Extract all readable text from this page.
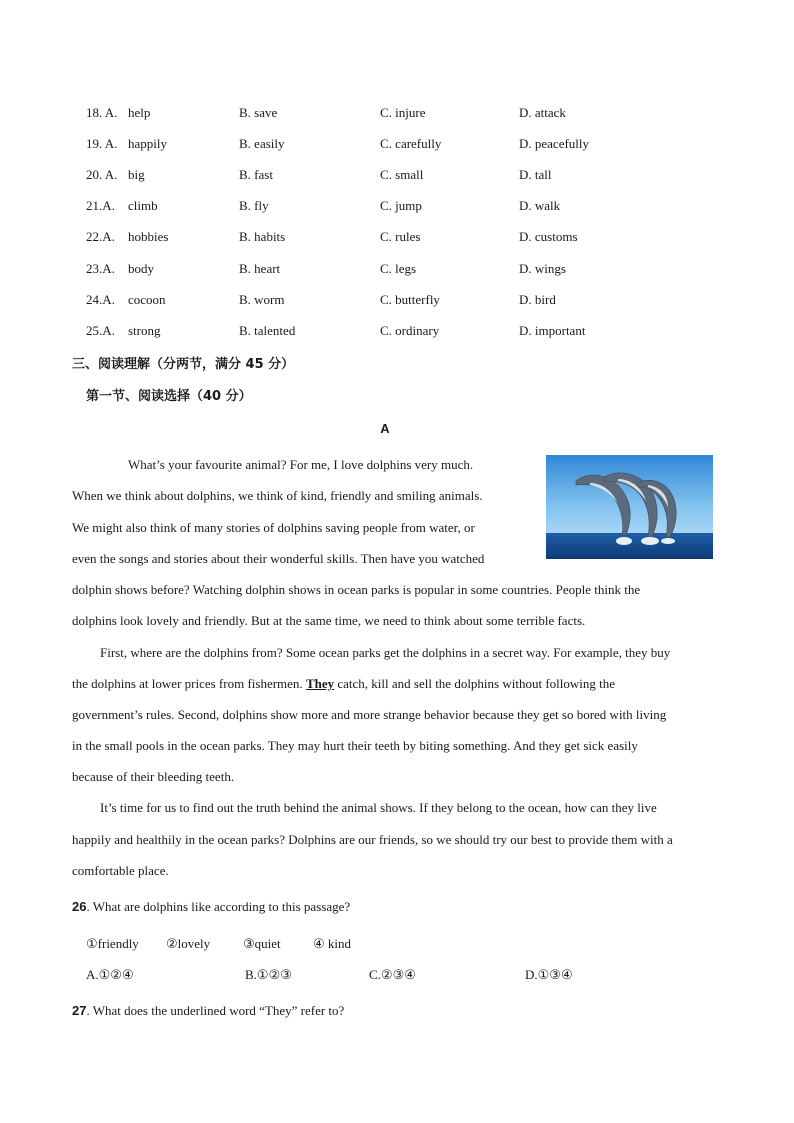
18. A. help	B. save	C. injure	D. attack
19. A. happily	B. easily	C. carefully	D. peacefully
20. A. big	B. fast	C. small	D. tall
21.A. climb	B. fly	C. jump	D. walk
22.A. hobbies	B. habits	C. rules	D. customs
23.A. body	B. heart	C. legs	D. wings
24.A. cocoon	B. worm	C. butterfly	D. bird
25.A. strong	B. talented	C. ordinary	D. important
三、阅读理解（分两节，满分 45 分）
第一节、阅读选择（40 分）
A
What’s your favourite animal? For me, I love dolphins very much.
When we think about dolphins, we think of kind, friendly and smiling animals.
We might also think of many stories of dolphins saving people from water, or
even the songs and stories about their wonderful skills. Then have you watched
dolphin shows before? Watching dolphin shows in ocean parks is popular in some countries. People think the
dolphins look lovely and friendly. But at the same time, we need to think about some terrible facts.
First, where are the dolphins from? Some ocean parks get the dolphins in a secret way. For example, they buy
the dolphins at lower prices from fishermen. They catch, kill and sell the dolphins without following the
government’s rules. Second, dolphins show more and more strange behavior because they get so bored with living
in the small pools in the ocean parks. They may hurt their teeth by biting something. And they get sick easily
because of their bleeding teeth.
It’s time for us to find out the truth behind the animal shows. If they belong to the ocean, how can they live
happily and healthily in the ocean parks? Dolphins are our friends, so we should try our best to provide them with a
comfortable place.
26. What are dolphins like according to this passage?
①friendly ②lovely	③quiet ④ kind
A.①②④	B.①②③	C.②③④	D.①③④
27. What does the underlined word “They” refer to?
